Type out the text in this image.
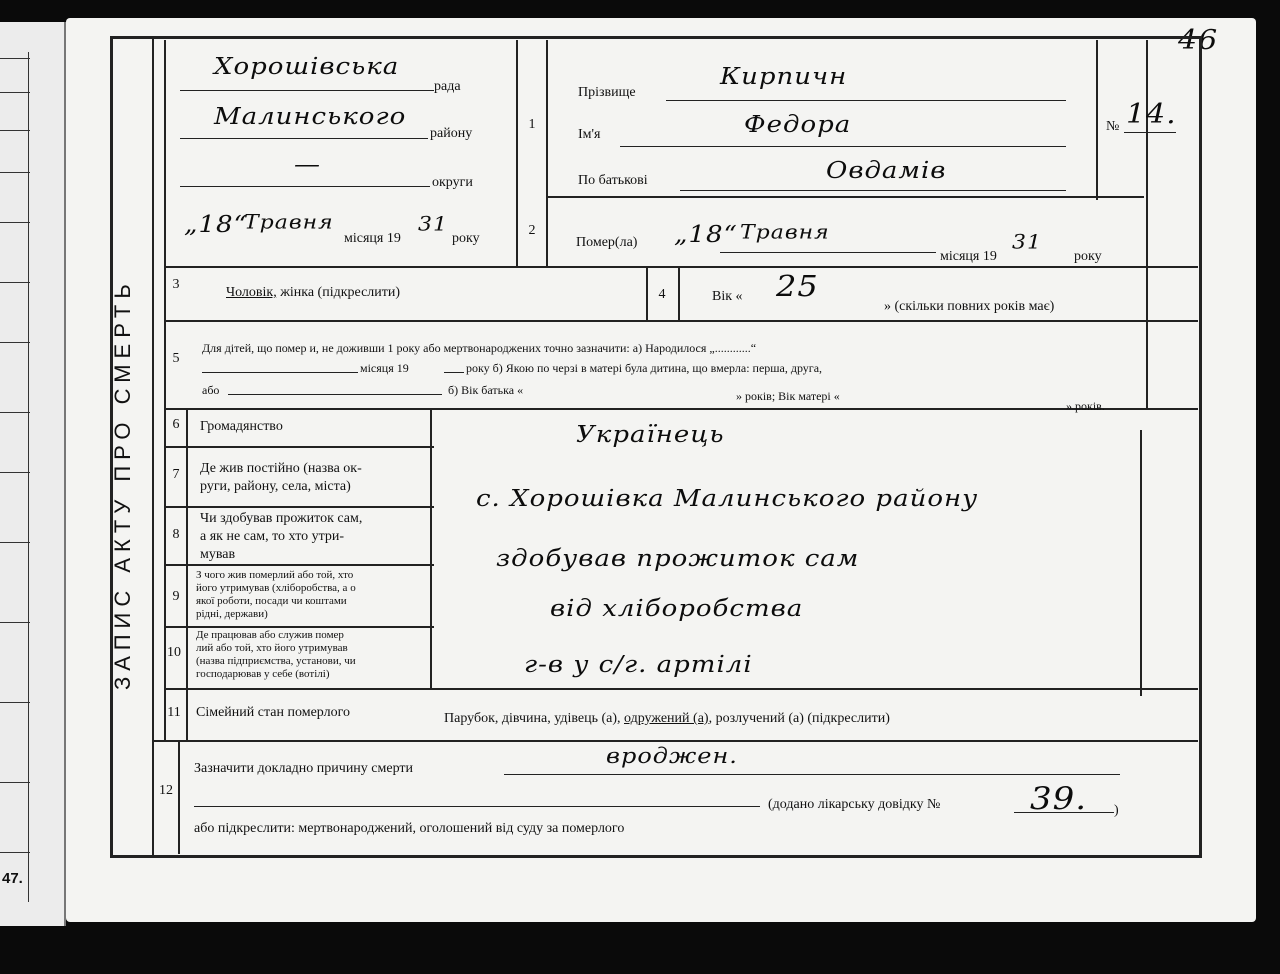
47.
46
ЗАПИС АКТУ ПРО СМЕРТЬ
Хорошівська
рада
Малинського
району
—
округи
„18“
Травня
місяця 19
31
року
1
Прізвище
Кирпичн
Ім'я	Федора
По батькові	Овдамів
№ 14.
2
Помер(ла) „18“ Травня
місяця 19
31
року
3
Чоловік, жінка (підкреслити)	4	Вік « 25
» (скільки повних років має)
5
Для дітей, що помер и, не доживши 1 року або мертвонароджених точно зазначити: а) Народилося „............“
місяця 19	року б) Якою по черзі в матері була дитина, що вмерла: перша, друга,
або	б) Вік батька «	» років; Вік матері «
» років.
6	Громадянство	Українець
7	Де жив постійно (назва ок-
руги, району, села, міста)	с. Хорошівка Малинського району
8
Чи здобував прожиток сам,
а як не сам, то хто утри-
мував	здобував прожиток сам
9
З чого жив померлий або той, хто
його утримував (хліборобства, а о
якої роботи, посади чи коштами
рідні, держави)	від хліборобства
10
Де працював або служив помер
лий або той, хто його утримував
(назва підприємства, установи, чи
господарював у себе (вотілі)	г-в у с/г. артілі
11	Сімейний стан померлого	Парубок, дівчина, удівець (а), одружений (а), розлучений (а) (підкреслити)
12
Зазначити докладно причину смерти	вроджен.
(додано лікарську довідку №	39. )
або підкреслити: мертвонароджений, оголошений від суду за померлого
